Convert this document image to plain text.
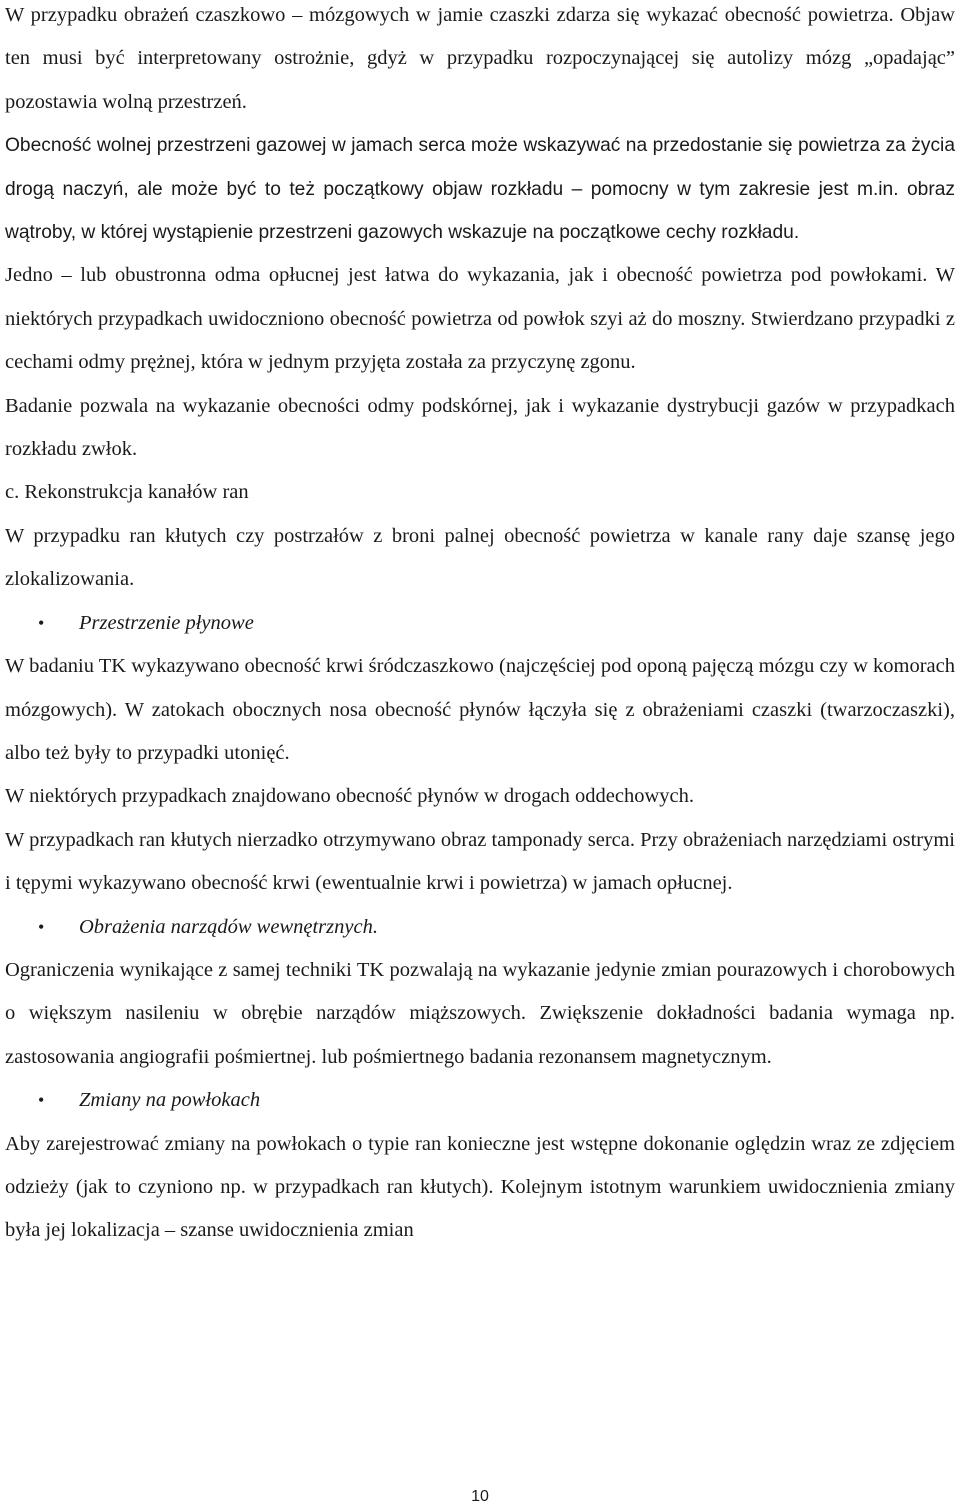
W przypadku obrażeń czaszkowo – mózgowych w jamie czaszki zdarza się wykazać obecność powietrza. Objaw ten musi być interpretowany ostrożnie, gdyż w przypadku rozpoczynającej się autolizy mózg „opadając” pozostawia wolną przestrzeń.

Obecność wolnej przestrzeni gazowej w jamach serca może wskazywać na przedostanie się powietrza za życia drogą naczyń, ale może być to też początkowy objaw rozkładu – pomocny w tym zakresie jest m.in. obraz wątroby, w której wystąpienie przestrzeni gazowych wskazuje na początkowe cechy rozkładu.

Jedno – lub obustronna odma opłucnej jest łatwa do wykazania, jak i obecność powietrza pod powłokami. W niektórych przypadkach uwidoczniono obecność powietrza od powłok szyi aż do moszny. Stwierdzano przypadki z cechami odmy prężnej, która w jednym przyjęta została za przyczynę zgonu.

Badanie pozwala na wykazanie obecności odmy podskórnej, jak i wykazanie dystrybucji gazów w przypadkach rozkładu zwłok.

c. Rekonstrukcja kanałów ran

W przypadku ran kłutych czy postrzałów z broni palnej obecność powietrza w kanale rany daje szansę jego zlokalizowania.

•	Przestrzenie płynowe

W badaniu TK wykazywano obecność krwi śródczaszkowo (najczęściej pod oponą pajęczą mózgu czy w komorach mózgowych). W zatokach obocznych nosa obecność płynów łączyła się z obrażeniami czaszki (twarzoczaszki), albo też były to przypadki utonięć.

W niektórych przypadkach znajdowano obecność płynów w drogach oddechowych.

W przypadkach ran kłutych nierzadko otrzymywano obraz tamponady serca. Przy obrażeniach narzędziami ostrymi i tępymi wykazywano obecność krwi (ewentualnie krwi i powietrza) w jamach opłucnej.

•	Obrażenia narządów wewnętrznych.

Ograniczenia wynikające z samej techniki TK pozwalają na wykazanie jedynie zmian pourazowych i chorobowych o większym nasileniu w obrębie narządów miąższowych. Zwiększenie dokładności badania wymaga np. zastosowania angiografii pośmiertnej. lub pośmiertnego badania rezonansem magnetycznym.

•	Zmiany na powłokach

Aby zarejestrować zmiany na powłokach o typie ran konieczne jest wstępne dokonanie oględzin wraz ze zdjęciem odzieży (jak to czyniono np. w przypadkach ran kłutych). Kolejnym istotnym warunkiem uwidocznienia zmiany była jej lokalizacja – szanse uwidocznienia zmian

10
